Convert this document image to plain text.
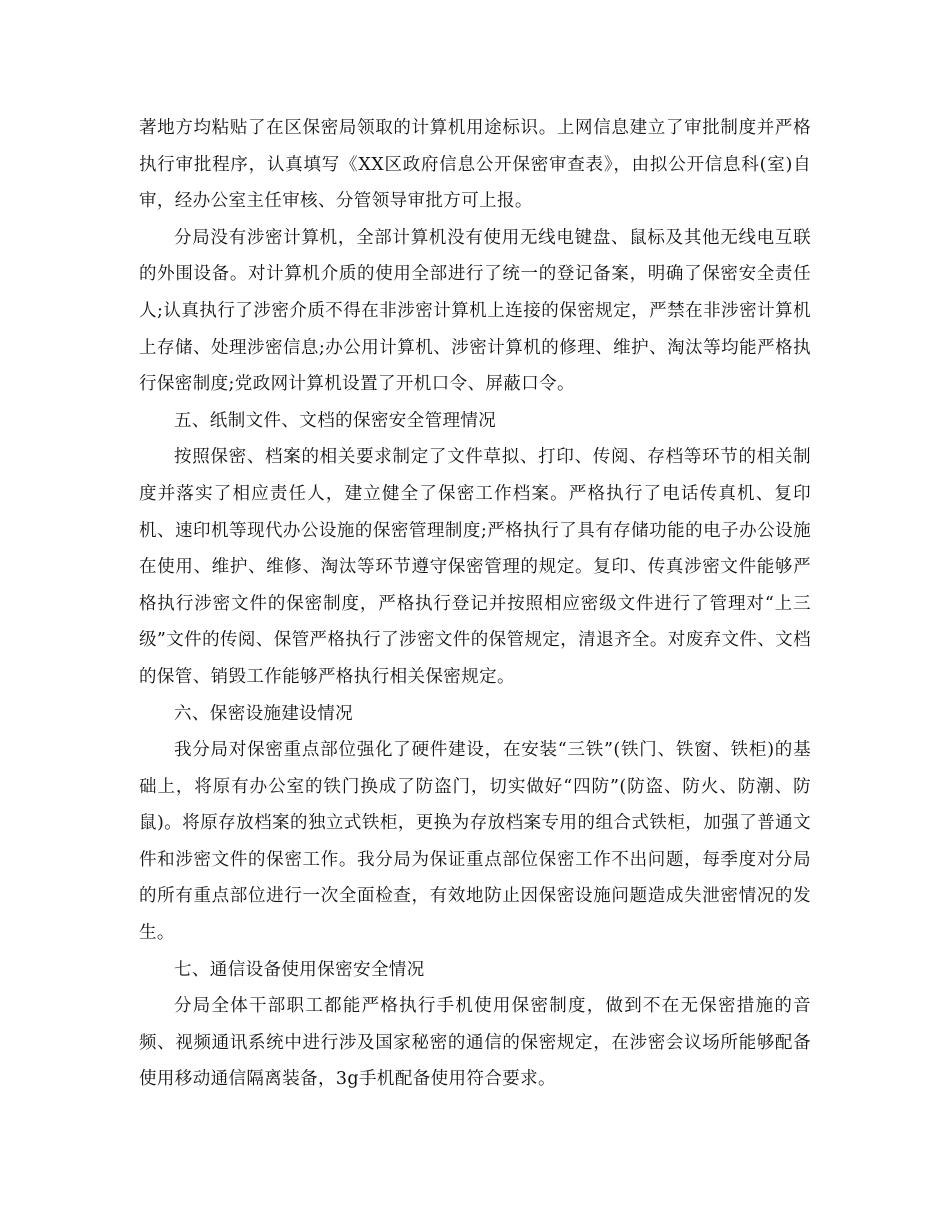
著地方均粘贴了在区保密局领取的计算机用途标识。上网信息建立了审批制度并严格执行审批程序，认真填写《XX区政府信息公开保密审查表》，由拟公开信息科(室)自审，经办公室主任审核、分管领导审批方可上报。

分局没有涉密计算机，全部计算机没有使用无线电键盘、鼠标及其他无线电互联的外围设备。对计算机介质的使用全部进行了统一的登记备案，明确了保密安全责任人;认真执行了涉密介质不得在非涉密计算机上连接的保密规定，严禁在非涉密计算机上存储、处理涉密信息;办公用计算机、涉密计算机的修理、维护、淘汰等均能严格执行保密制度;党政网计算机设置了开机口令、屏蔽口令。

五、纸制文件、文档的保密安全管理情况

按照保密、档案的相关要求制定了文件草拟、打印、传阅、存档等环节的相关制度并落实了相应责任人，建立健全了保密工作档案。严格执行了电话传真机、复印机、速印机等现代办公设施的保密管理制度;严格执行了具有存储功能的电子办公设施在使用、维护、维修、淘汰等环节遵守保密管理的规定。复印、传真涉密文件能够严格执行涉密文件的保密制度，严格执行登记并按照相应密级文件进行了管理对“上三级”文件的传阅、保管严格执行了涉密文件的保管规定，清退齐全。对废弃文件、文档的保管、销毁工作能够严格执行相关保密规定。

六、保密设施建设情况

我分局对保密重点部位强化了硬件建设，在安装“三铁”(铁门、铁窗、铁柜)的基础上，将原有办公室的铁门换成了防盗门，切实做好“四防”(防盗、防火、防潮、防鼠)。将原存放档案的独立式铁柜，更换为存放档案专用的组合式铁柜，加强了普通文件和涉密文件的保密工作。我分局为保证重点部位保密工作不出问题，每季度对分局的所有重点部位进行一次全面检查，有效地防止因保密设施问题造成失泄密情况的发生。

七、通信设备使用保密安全情况

分局全体干部职工都能严格执行手机使用保密制度，做到不在无保密措施的音频、视频通讯系统中进行涉及国家秘密的通信的保密规定，在涉密会议场所能够配备使用移动通信隔离装备，3g手机配备使用符合要求。
